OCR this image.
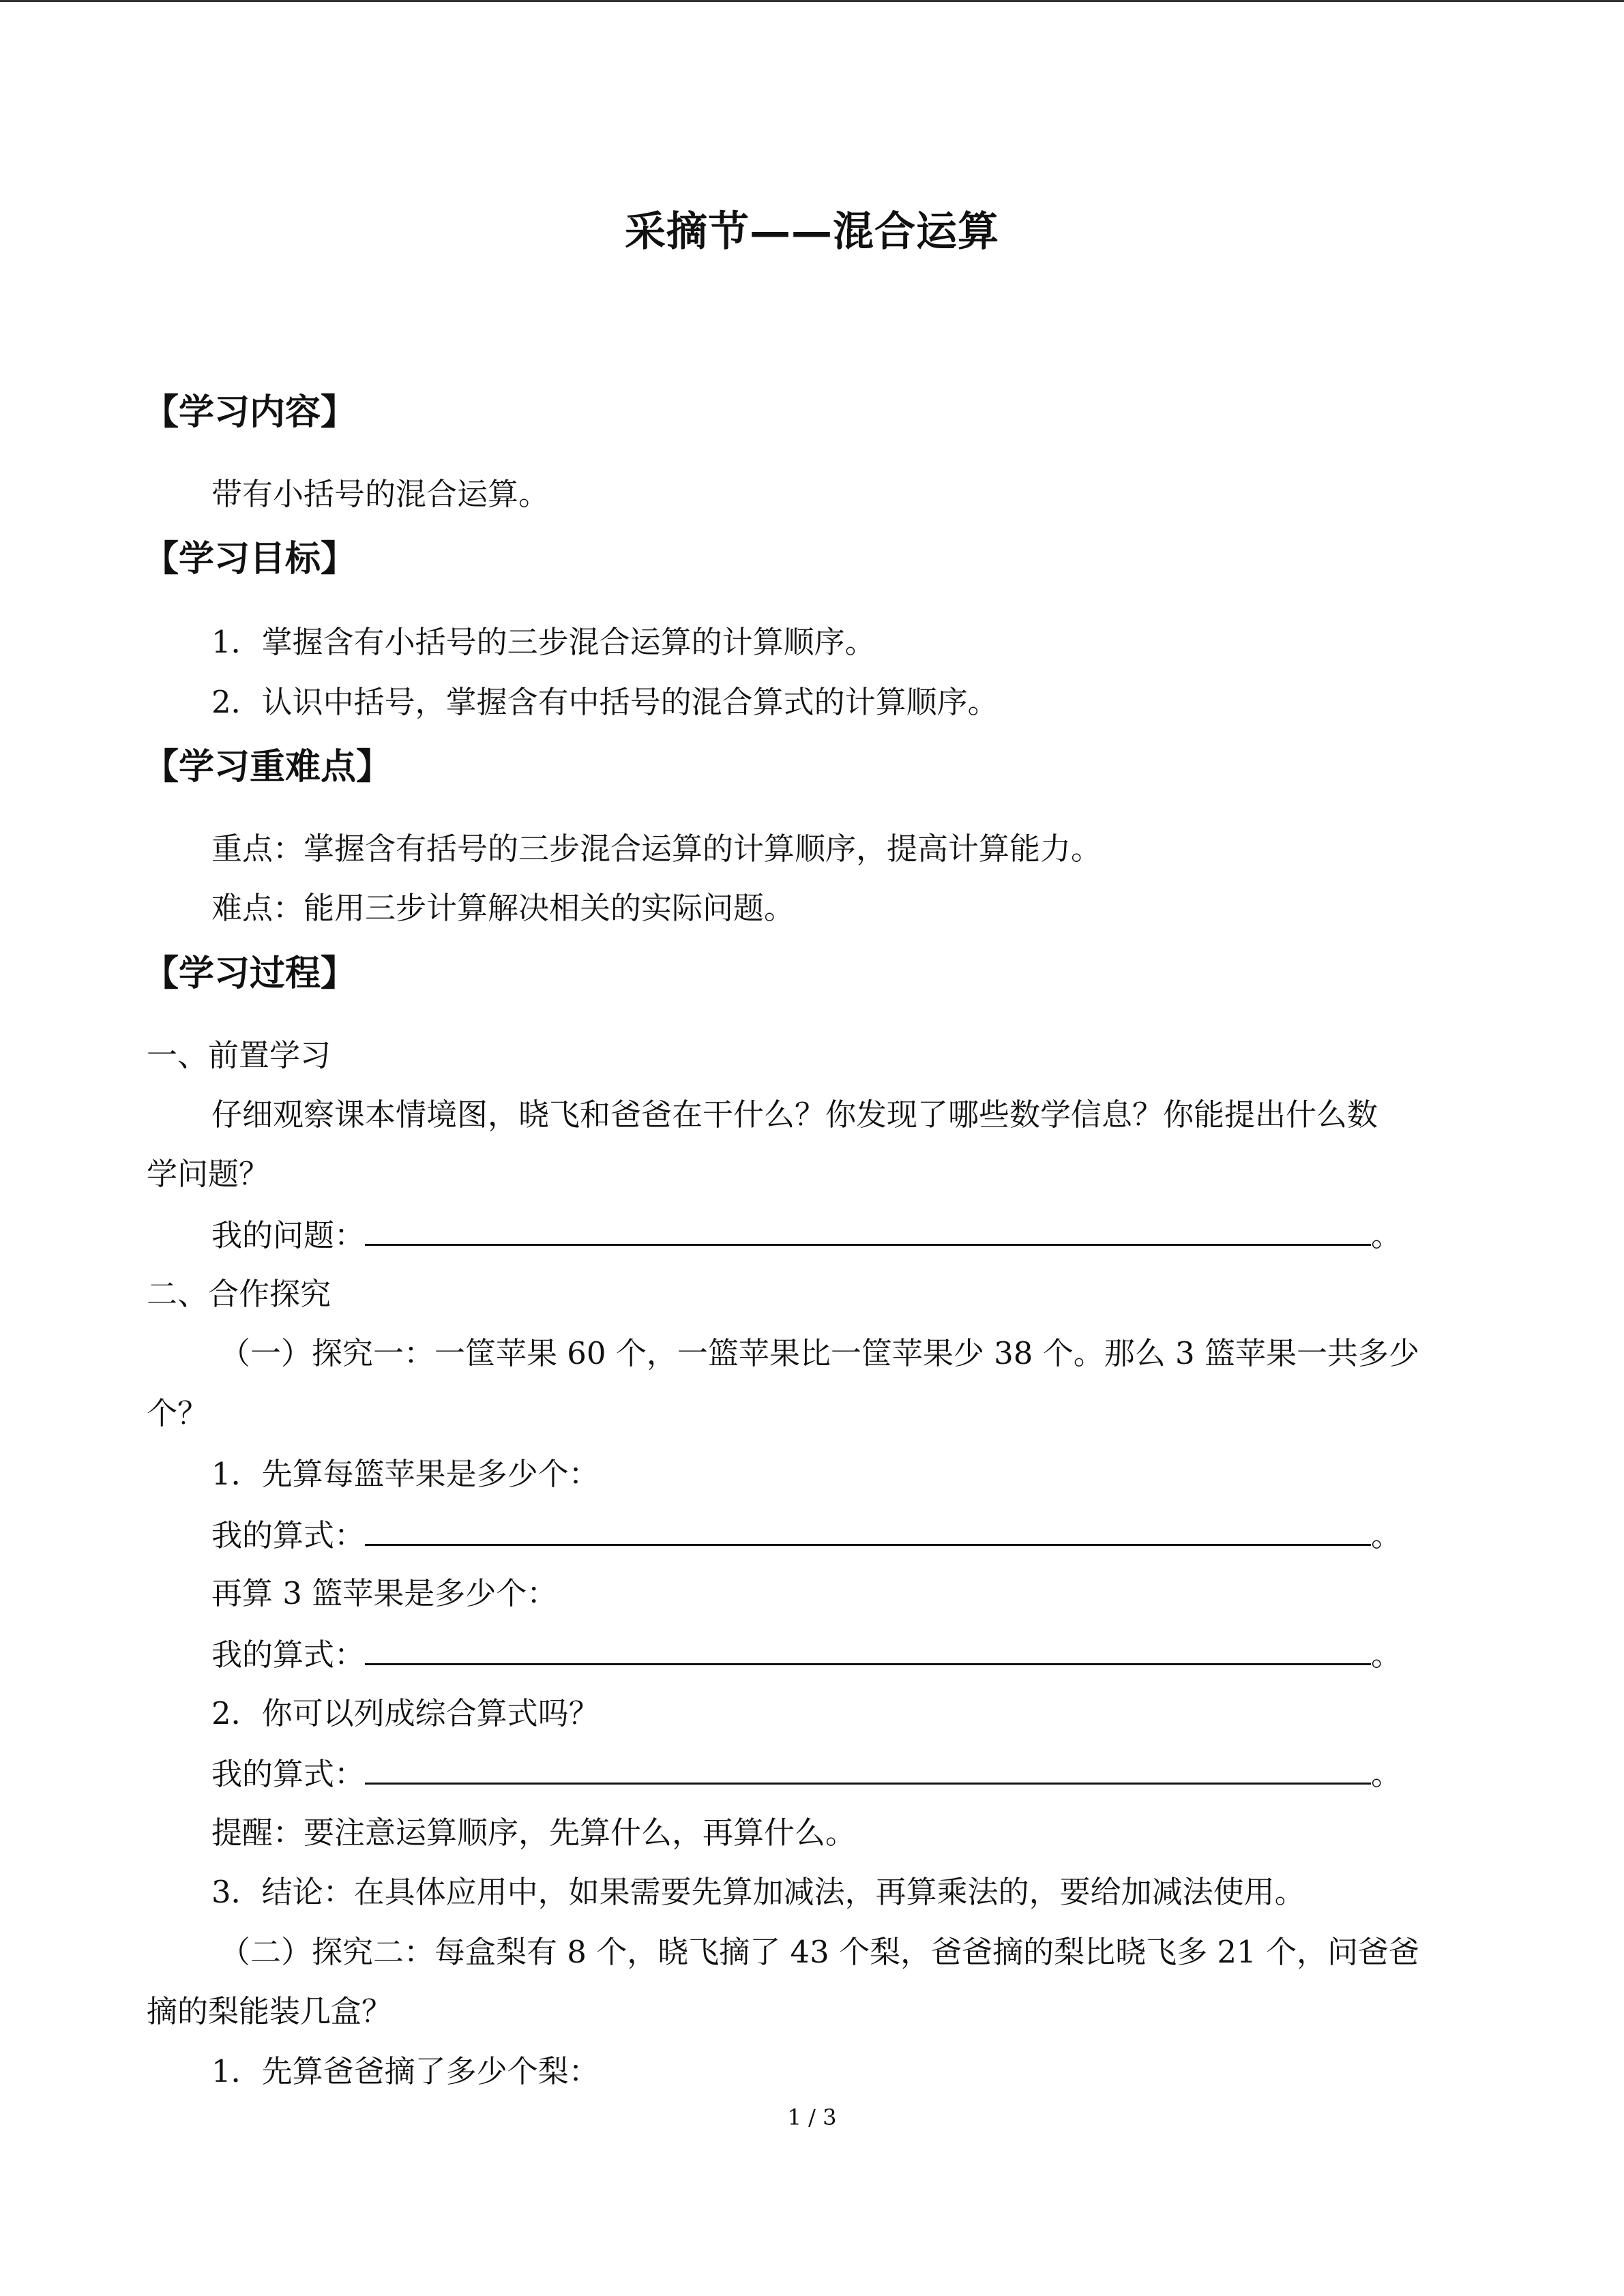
采摘节——混合运算
【学习内容】
带有小括号的混合运算。
【学习目标】
1．掌握含有小括号的三步混合运算的计算顺序。
2．认识中括号，掌握含有中括号的混合算式的计算顺序。
【学习重难点】
重点：掌握含有括号的三步混合运算的计算顺序，提高计算能力。
难点：能用三步计算解决相关的实际问题。
【学习过程】
一、前置学习
仔细观察课本情境图，晓飞和爸爸在干什么？你发现了哪些数学信息？你能提出什么数
学问题？
我的问题：	。
二、合作探究
（一）探究一：一筐苹果 60 个，一篮苹果比一筐苹果少 38 个。那么 3 篮苹果一共多少
个？
1．先算每篮苹果是多少个：
我的算式：	。
再算 3 篮苹果是多少个：
我的算式：	。
2．你可以列成综合算式吗？
我的算式：	。
提醒：要注意运算顺序，先算什么，再算什么。
3．结论：在具体应用中，如果需要先算加减法，再算乘法的，要给加减法使用。
（二）探究二：每盒梨有 8 个，晓飞摘了 43 个梨，爸爸摘的梨比晓飞多 21 个，问爸爸
摘的梨能装几盒？
1．先算爸爸摘了多少个梨：
1 / 3
